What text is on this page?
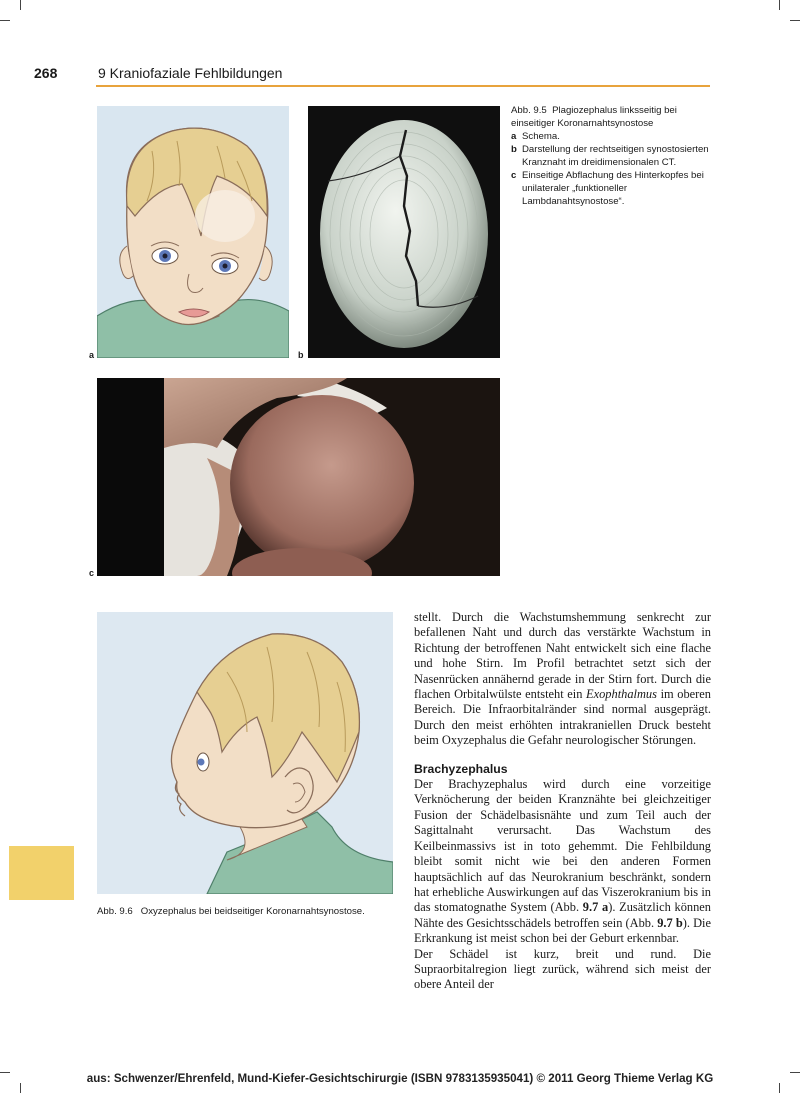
268	9 Kraniofaziale Fehlbildungen
a	b
Abb. 9.5 Plagiozephalus linksseitig bei einseitiger Koronarnahtsynostose
a Schema.
b Darstellung der rechtseitigen synostosierten Kranznaht im dreidimensionalen CT.
c Einseitige Abflachung des Hinterkopfes bei unilateraler „funktioneller Lambdanahtsynostose“.
c
Abb. 9.6 Oxyzephalus bei beidseitiger Koronarnahtsynostose.

stellt. Durch die Wachstumshemmung senkrecht zur befallenen Naht und durch das verstärkte Wachstum in Richtung der betroffenen Naht entwickelt sich eine flache und hohe Stirn. Im Profil betrachtet setzt sich der Nasenrücken annähernd gerade in der Stirn fort. Durch die flachen Orbitalwülste entsteht ein Exophthalmus im oberen Bereich. Die Infraorbitalränder sind normal ausgeprägt. Durch den meist erhöhten intrakraniellen Druck besteht beim Oxyzephalus die Gefahr neurologischer Störungen.

Brachyzephalus

Der Brachyzephalus wird durch eine vorzeitige Verknöcherung der beiden Kranznähte bei gleichzeitiger Fusion der Schädelbasisnähte und zum Teil auch der Sagittalnaht verursacht. Das Wachstum des Keilbeinmassivs ist in toto gehemmt. Die Fehlbildung bleibt somit nicht wie bei den anderen Formen hauptsächlich auf das Neurokranium beschränkt, sondern hat erhebliche Auswirkungen auf das Viszerokranium bis in das stomatognathe System (Abb. 9.7 a). Zusätzlich können Nähte des Gesichtsschädels betroffen sein (Abb. 9.7 b). Die Erkrankung ist meist schon bei der Geburt erkennbar.

Der Schädel ist kurz, breit und rund. Die Supraorbitalregion liegt zurück, während sich meist der obere Anteil der

aus: Schwenzer/Ehrenfeld, Mund-Kiefer-Gesichtschirurgie (ISBN 9783135935041) © 2011 Georg Thieme Verlag KG
